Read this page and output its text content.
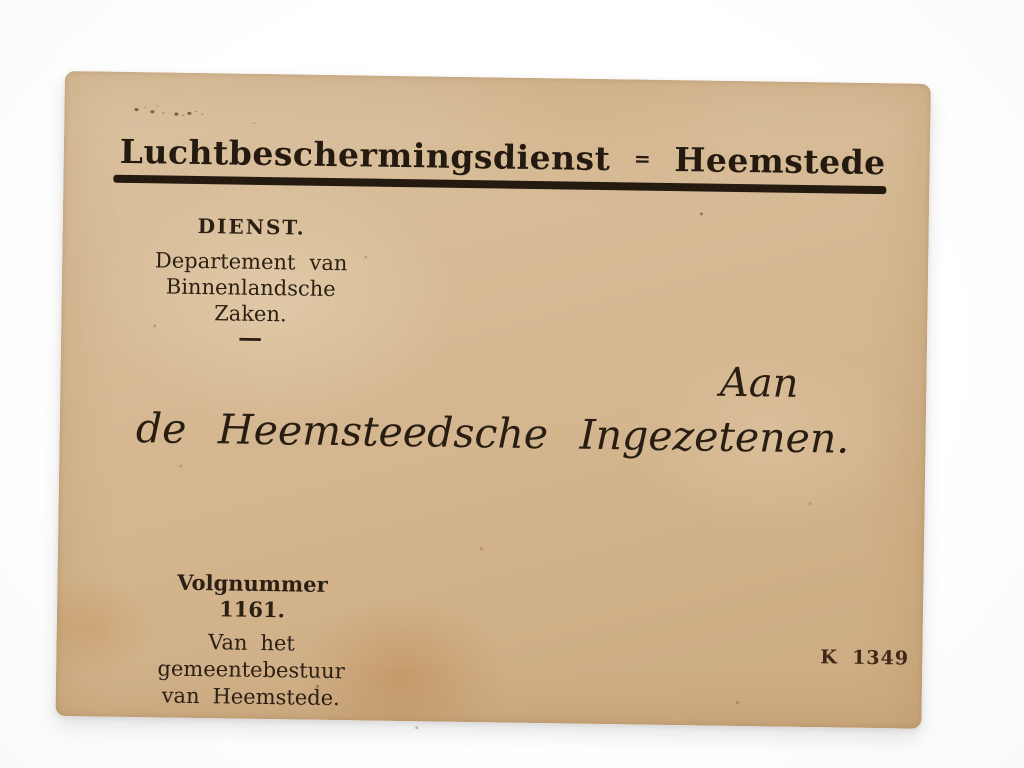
Luchtbeschermingsdienst = Heemstede
DIENST.
Departement van
Binnenlandsche Zaken.
—
Aan
de Heemsteedsche Ingezetenen.
Volgnummer 1161.
Van het gemeentebestuur
van Heemstede.
K 1349
